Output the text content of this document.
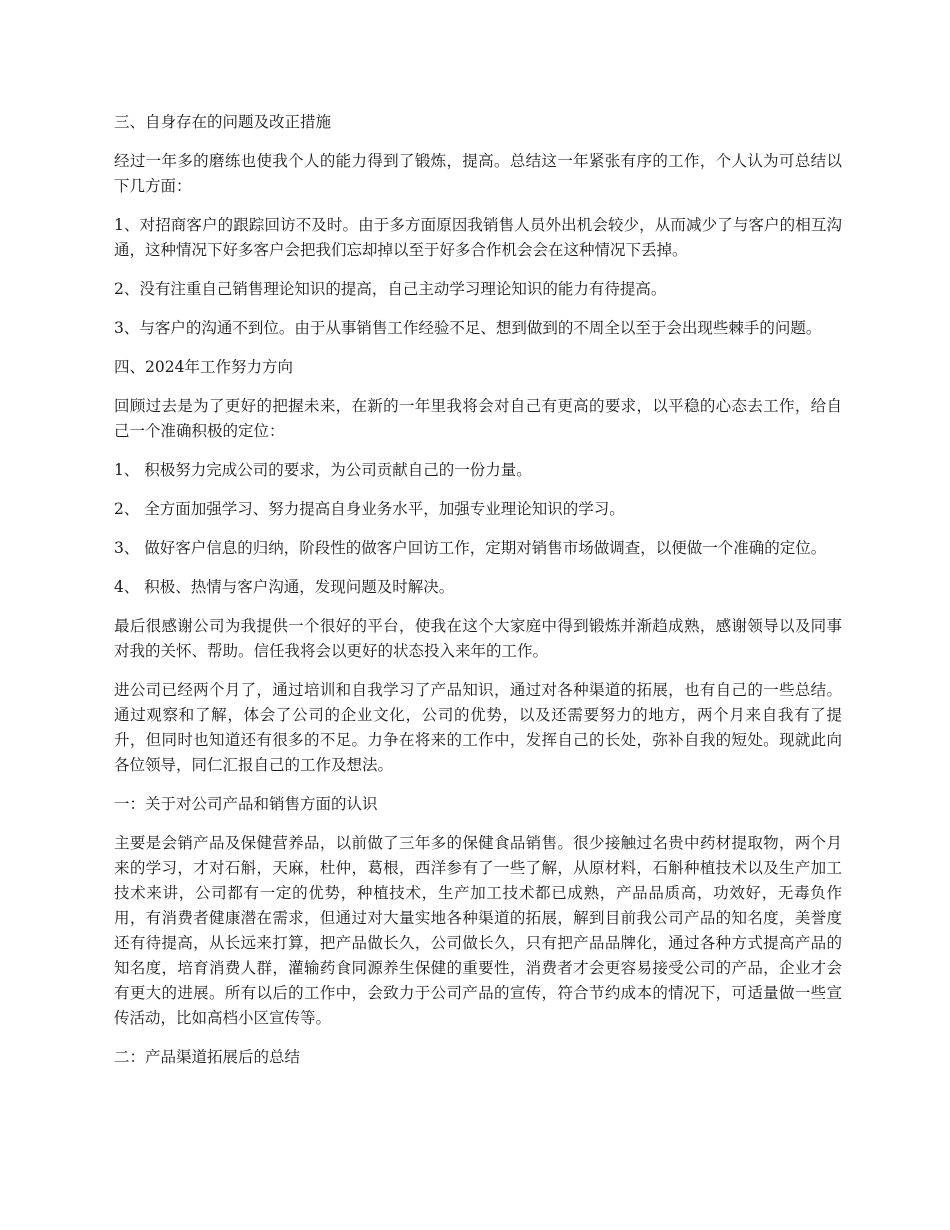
三、自身存在的问题及改正措施

经过一年多的磨练也使我个人的能力得到了锻炼，提高。总结这一年紧张有序的工作，个人认为可总结以下几方面：

1、对招商客户的跟踪回访不及时。由于多方面原因我销售人员外出机会较少，从而减少了与客户的相互沟通，这种情况下好多客户会把我们忘却掉以至于好多合作机会会在这种情况下丢掉。

2、没有注重自己销售理论知识的提高，自己主动学习理论知识的能力有待提高。

3、与客户的沟通不到位。由于从事销售工作经验不足、想到做到的不周全以至于会出现些棘手的问题。

四、2024年工作努力方向

回顾过去是为了更好的把握未来，在新的一年里我将会对自己有更高的要求，以平稳的心态去工作，给自己一个准确积极的定位：

1、 积极努力完成公司的要求，为公司贡献自己的一份力量。

2、 全方面加强学习、努力提高自身业务水平，加强专业理论知识的学习。

3、 做好客户信息的归纳，阶段性的做客户回访工作，定期对销售市场做调查，以便做一个准确的定位。

4、 积极、热情与客户沟通，发现问题及时解决。

最后很感谢公司为我提供一个很好的平台，使我在这个大家庭中得到锻炼并渐趋成熟，感谢领导以及同事对我的关怀、帮助。信任我将会以更好的状态投入来年的工作。

进公司已经两个月了，通过培训和自我学习了产品知识，通过对各种渠道的拓展，也有自己的一些总结。通过观察和了解，体会了公司的企业文化，公司的优势，以及还需要努力的地方，两个月来自我有了提升，但同时也知道还有很多的不足。力争在将来的工作中，发挥自己的长处，弥补自我的短处。现就此向各位领导，同仁汇报自己的工作及想法。

一：关于对公司产品和销售方面的认识

主要是会销产品及保健营养品，以前做了三年多的保健食品销售。很少接触过名贵中药材提取物，两个月来的学习，才对石斛，天麻，杜仲，葛根，西洋参有了一些了解，从原材料，石斛种植技术以及生产加工技术来讲，公司都有一定的优势，种植技术，生产加工技术都已成熟，产品品质高，功效好，无毒负作用，有消费者健康潜在需求，但通过对大量实地各种渠道的拓展，解到目前我公司产品的知名度，美誉度还有待提高，从长远来打算，把产品做长久，公司做长久，只有把产品品牌化，通过各种方式提高产品的知名度，培育消费人群，灌输药食同源养生保健的重要性，消费者才会更容易接受公司的产品，企业才会有更大的进展。所有以后的工作中，会致力于公司产品的宣传，符合节约成本的情况下，可适量做一些宣传活动，比如高档小区宣传等。

二：产品渠道拓展后的总结
